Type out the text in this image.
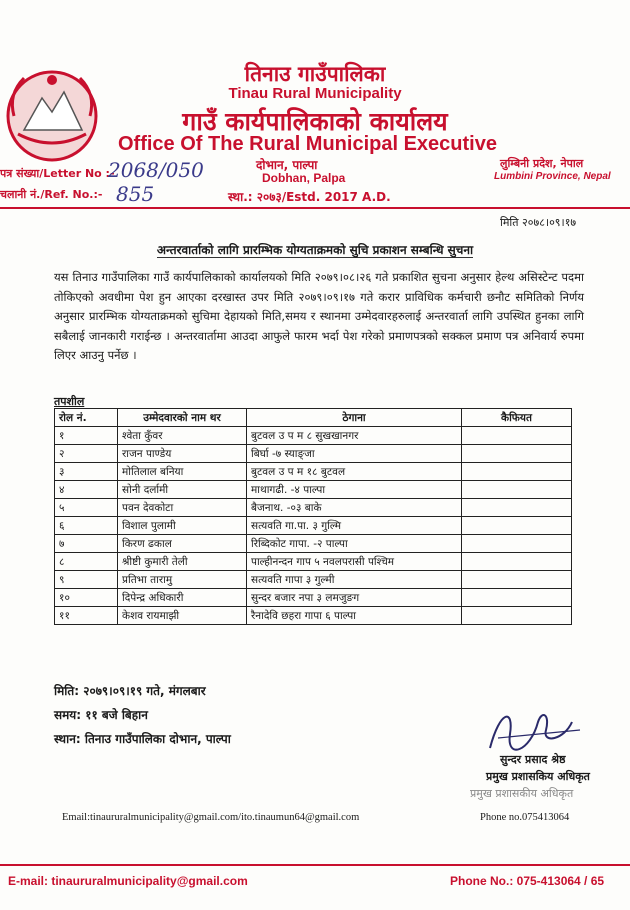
तिनाउ गाउँपालिका
Tinau Rural Municipality
गाउँ कार्यपालिकाको कार्यालय
Office Of The Rural Municipal Executive
दोभान, पाल्पा
Dobhan, Palpa
स्था.: २०७३/Estd. 2017 A.D.
पत्र संख्या/Letter No :-
2068/050
चलानी नं./Ref. No.:- 855
लुम्बिनी प्रदेश, नेपाल
Lumbini Province, Nepal
मिति २०७८।०९।१७
अन्तरवार्ताको लागि प्रारम्भिक योग्यताक्रमको सुचि प्रकाशन सम्बन्धि सुचना
यस तिनाउ गाउँपालिका गाउँ कार्यपालिकाको कार्यालयको मिति २०७९।०८।२६ गते प्रकाशित सुचना अनुसार हेल्थ असिस्टेन्ट पदमा तोकिएको अवधीमा पेश हुन आएका दरखास्त उपर मिति २०७९।०९।१७ गते करार प्राविधिक कर्मचारी छनौट समितिको निर्णय अनुसार प्रारम्भिक योग्यताक्रमको सुचिमा देहायको मिति,समय र स्थानमा उम्मेदवारहरुलाई अन्तरवार्ता लागि उपस्थित हुनका लागि सबैलाई जानकारी गराईन्छ । अन्तरवार्तामा आउदा आफुले फारम भर्दा पेश गरेको प्रमाणपत्रको सक्कल प्रमाण पत्र अनिवार्य रुपमा लिएर आउनु पर्नेछ ।
तपशील
रोल नं.	उम्मेदवारको नाम थर	ठेगाना	कैफियत
१	श्वेता कुँवर	बुटवल उ प म ८ सुखखानगर	
२	राजन पाण्डेय	बिर्घा -७ स्याङ्जा	
३	मोतिलाल बनिया	बुटवल उ प म १८ बुटवल	
४	सोनी दर्लामी	माथागढी. -४ पाल्पा	
५	पवन देवकोटा	बैजनाथ. -०३ बाके	
६	विशाल पुलामी	सत्यवति गा.पा. ३ गुल्मि	
७	किरण ढकाल	रिब्दिकोट गापा. -२ पाल्पा	
८	श्रीष्टी कुमारी तेली	पाल्हीनन्दन गाप ५ नवलपरासी पश्चिम	
९	प्रतिभा तारामु	सत्यवति गापा ३ गुल्मी	
१०	दिपेन्द्र अधिकारी	सुन्दर बजार नपा ३ लमजुङग	
११	केशव रायमाझी	रैनादेवि छहरा गापा ६ पाल्पा	
मिति: २०७९।०९।१९ गते, मंगलबार
समय: ११ बजे बिहान
स्थान: तिनाउ गाउँपालिका दोभान, पाल्पा
सुन्दर प्रसाद श्रेष्ठ
प्रमुख प्रशासकिय अधिकृत
प्रमुख प्रशासकीय अधिकृत
Email:tinaururalmunicipality@gmail.com/ito.tinaumun64@gmail.com	Phone no.075413064
E-mail: tinaururalmunicipality@gmail.com	Phone No.: 075-413064 / 65
